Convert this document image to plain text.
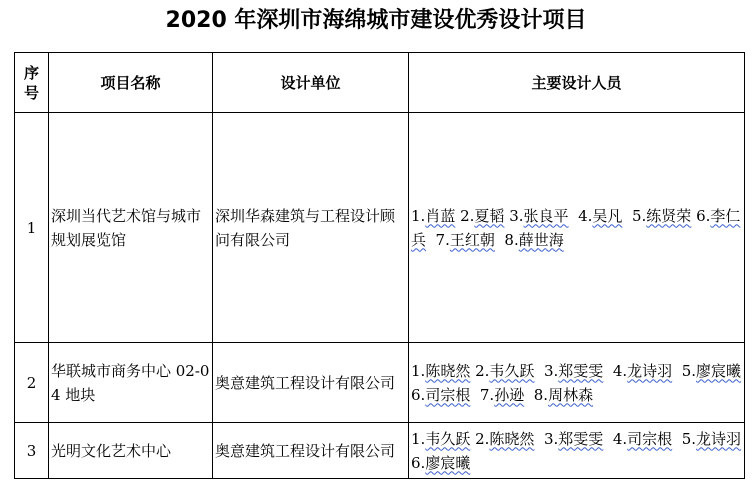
2020 年深圳市海绵城市建设优秀设计项目
序
号	项目名称	设计单位	主要设计人员
1	深圳当代艺术馆与城市规划展览馆	深圳华森建筑与工程设计顾问有限公司	1.肖蓝 2.夏韬 3.张良平  4.吴凡  5.练贤荣 6.李仁兵  7.王红朝  8.薛世海
2	华联城市商务中心 02-04 地块	奥意建筑工程设计有限公司	1.陈晓然 2.韦久跃  3.郑雯雯  4.龙诗羽  5.廖宸曦  6.司宗根  7.孙逊  8.周林森
3	光明文化艺术中心	奥意建筑工程设计有限公司	1.韦久跃 2.陈晓然  3.郑雯雯  4.司宗根  5.龙诗羽  6.廖宸曦
